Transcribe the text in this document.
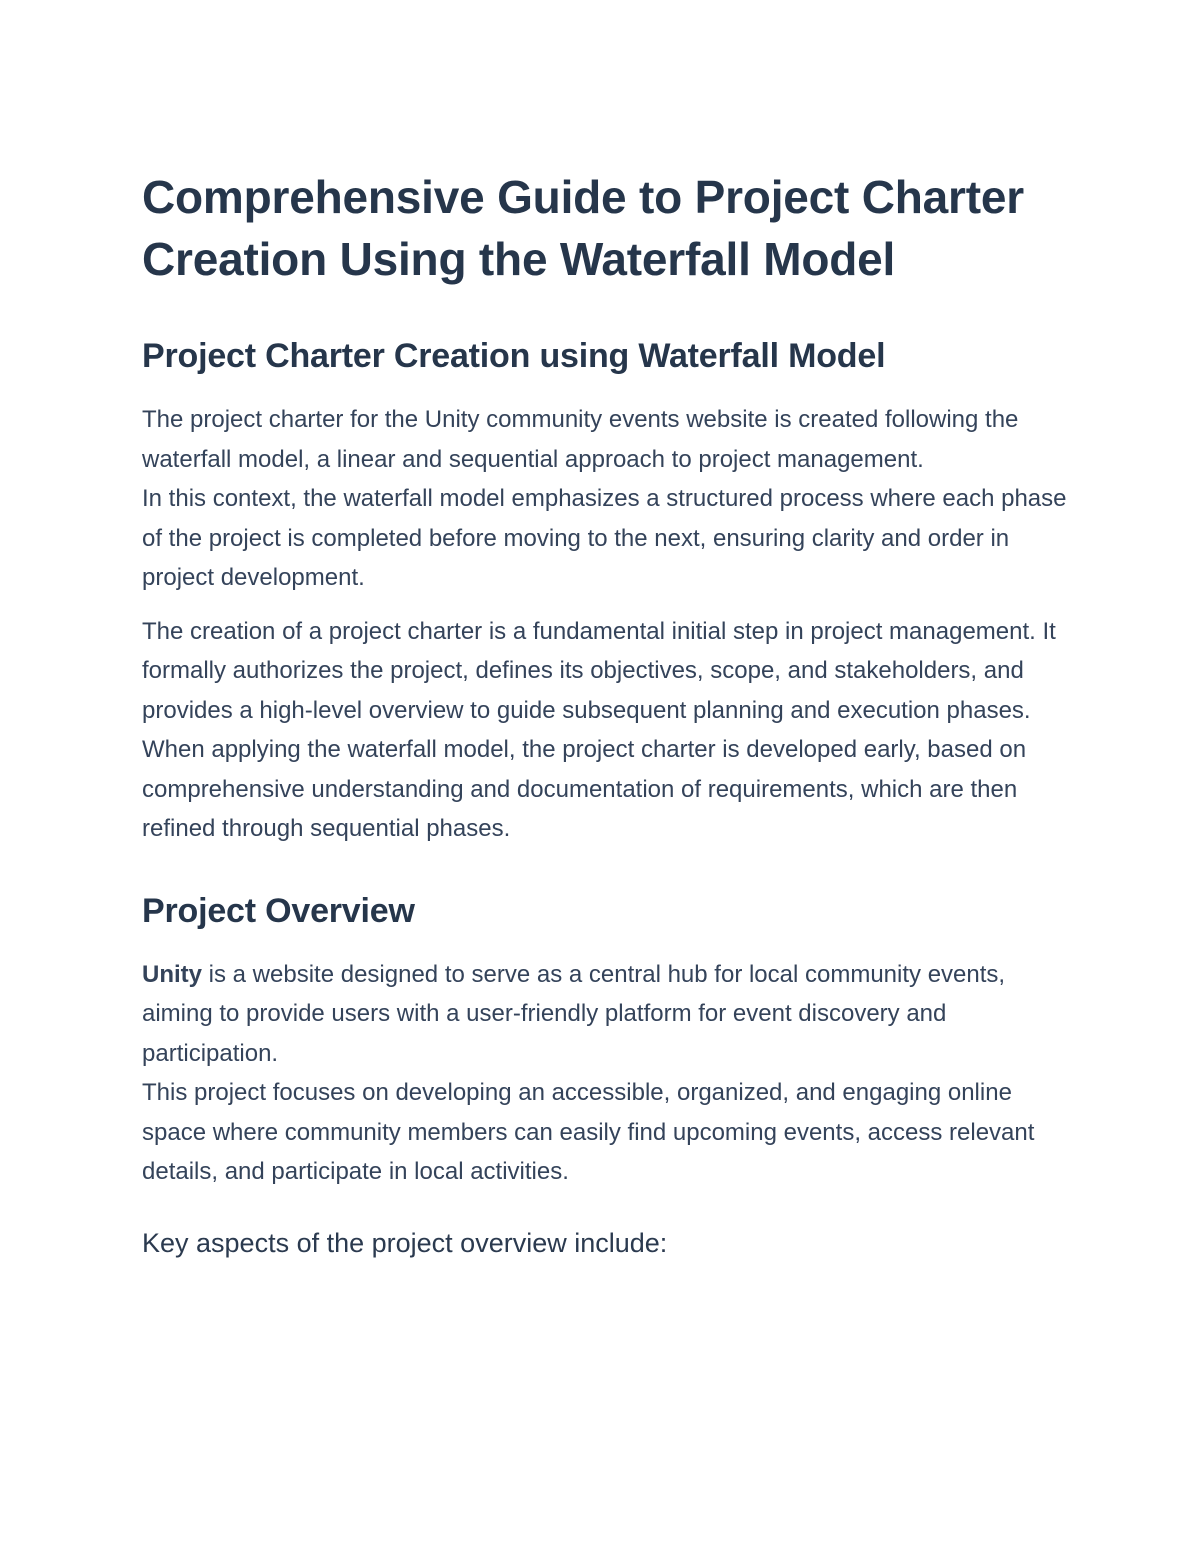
Comprehensive Guide to Project Charter Creation Using the Waterfall Model
Project Charter Creation using Waterfall Model

The project charter for the Unity community events website is created following the waterfall model, a linear and sequential approach to project management.

In this context, the waterfall model emphasizes a structured process where each phase of the project is completed before moving to the next, ensuring clarity and order in project development.

The creation of a project charter is a fundamental initial step in project management. It formally authorizes the project, defines its objectives, scope, and stakeholders, and provides a high-level overview to guide subsequent planning and execution phases. When applying the waterfall model, the project charter is developed early, based on comprehensive understanding and documentation of requirements, which are then refined through sequential phases.

Project Overview

Unity is a website designed to serve as a central hub for local community events, aiming to provide users with a user-friendly platform for event discovery and participation.

This project focuses on developing an accessible, organized, and engaging online space where community members can easily find upcoming events, access relevant details, and participate in local activities.

Key aspects of the project overview include:
